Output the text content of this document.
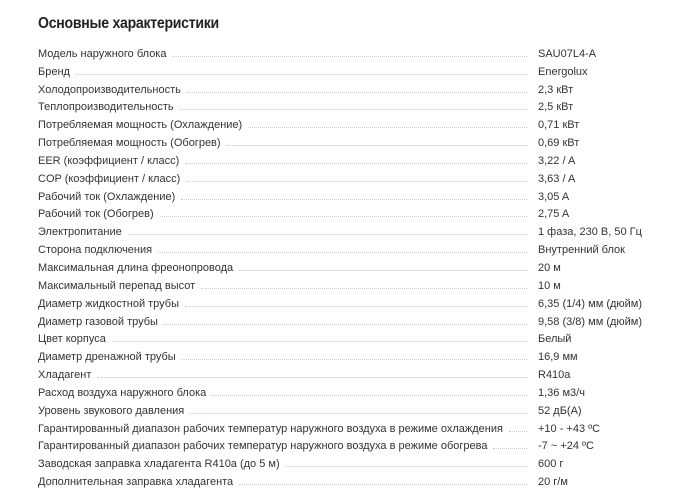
Основные характеристики
Модель наружного блока	SAU07L4-A
Бренд	Energolux
Холодопроизводительность	2,3 кВт
Теплопроизводительность	2,5 кВт
Потребляемая мощность (Охлаждение)	0,71 кВт
Потребляемая мощность (Обогрев)	0,69 кВт
EER (коэффициент / класс)	3,22 / A
COP (коэффициент / класс)	3,63 / A
Рабочий ток (Охлаждение)	3,05 A
Рабочий ток (Обогрев)	2,75 A
Электропитание	1 фаза, 230 В, 50 Гц
Сторона подключения	Внутренний блок
Максимальная длина фреонопровода	20 м
Максимальный перепад высот	10 м
Диаметр жидкостной трубы	6,35 (1/4) мм (дюйм)
Диаметр газовой трубы	9,58 (3/8) мм (дюйм)
Цвет корпуса	Белый
Диаметр дренажной трубы	16,9 мм
Хладагент	R410a
Расход воздуха наружного блока	1,36 м3/ч
Уровень звукового давления	52 дБ(А)
Гарантированный диапазон рабочих температур наружного воздуха в режиме охлаждения	+10 - +43 ºC
Гарантированный диапазон рабочих температур наружного воздуха в режиме обогрева	-7 ~ +24 ºC
Заводская заправка хладагента R410a (до 5 м)	600 г
Дополнительная заправка хладагента	20 г/м
